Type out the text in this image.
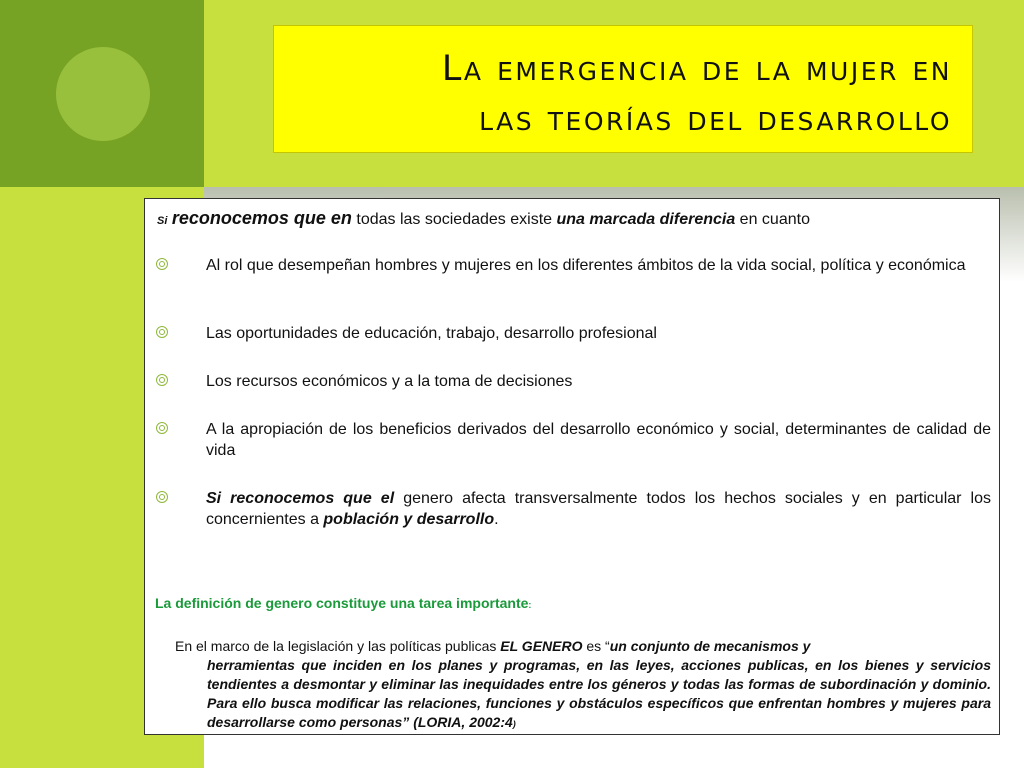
La emergencia de la mujer en
las teorías del desarrollo

Si reconocemos que en todas las sociedades existe una marcada diferencia en cuanto

Al rol que desempeñan hombres y mujeres en los diferentes ámbitos de la vida social, política y económica

Las oportunidades de educación, trabajo, desarrollo profesional

Los recursos económicos y a la toma de decisiones

A la apropiación de los beneficios derivados del desarrollo económico y social, determinantes de calidad de vida

Si reconocemos que el genero afecta transversalmente todos los hechos sociales y en particular los concernientes a población y desarrollo.

La definición de genero constituye una tarea importante:

En el marco de la legislación y las políticas publicas EL GENERO es “un conjunto de mecanismos y
herramientas que inciden en los planes y programas, en las leyes, acciones publicas, en los bienes y servicios tendientes a desmontar y eliminar las inequidades entre los géneros y todas las formas de subordinación y dominio. Para ello busca modificar las relaciones, funciones y obstáculos específicos que enfrentan hombres y mujeres para desarrollarse como personas” (LORIA, 2002:4)
